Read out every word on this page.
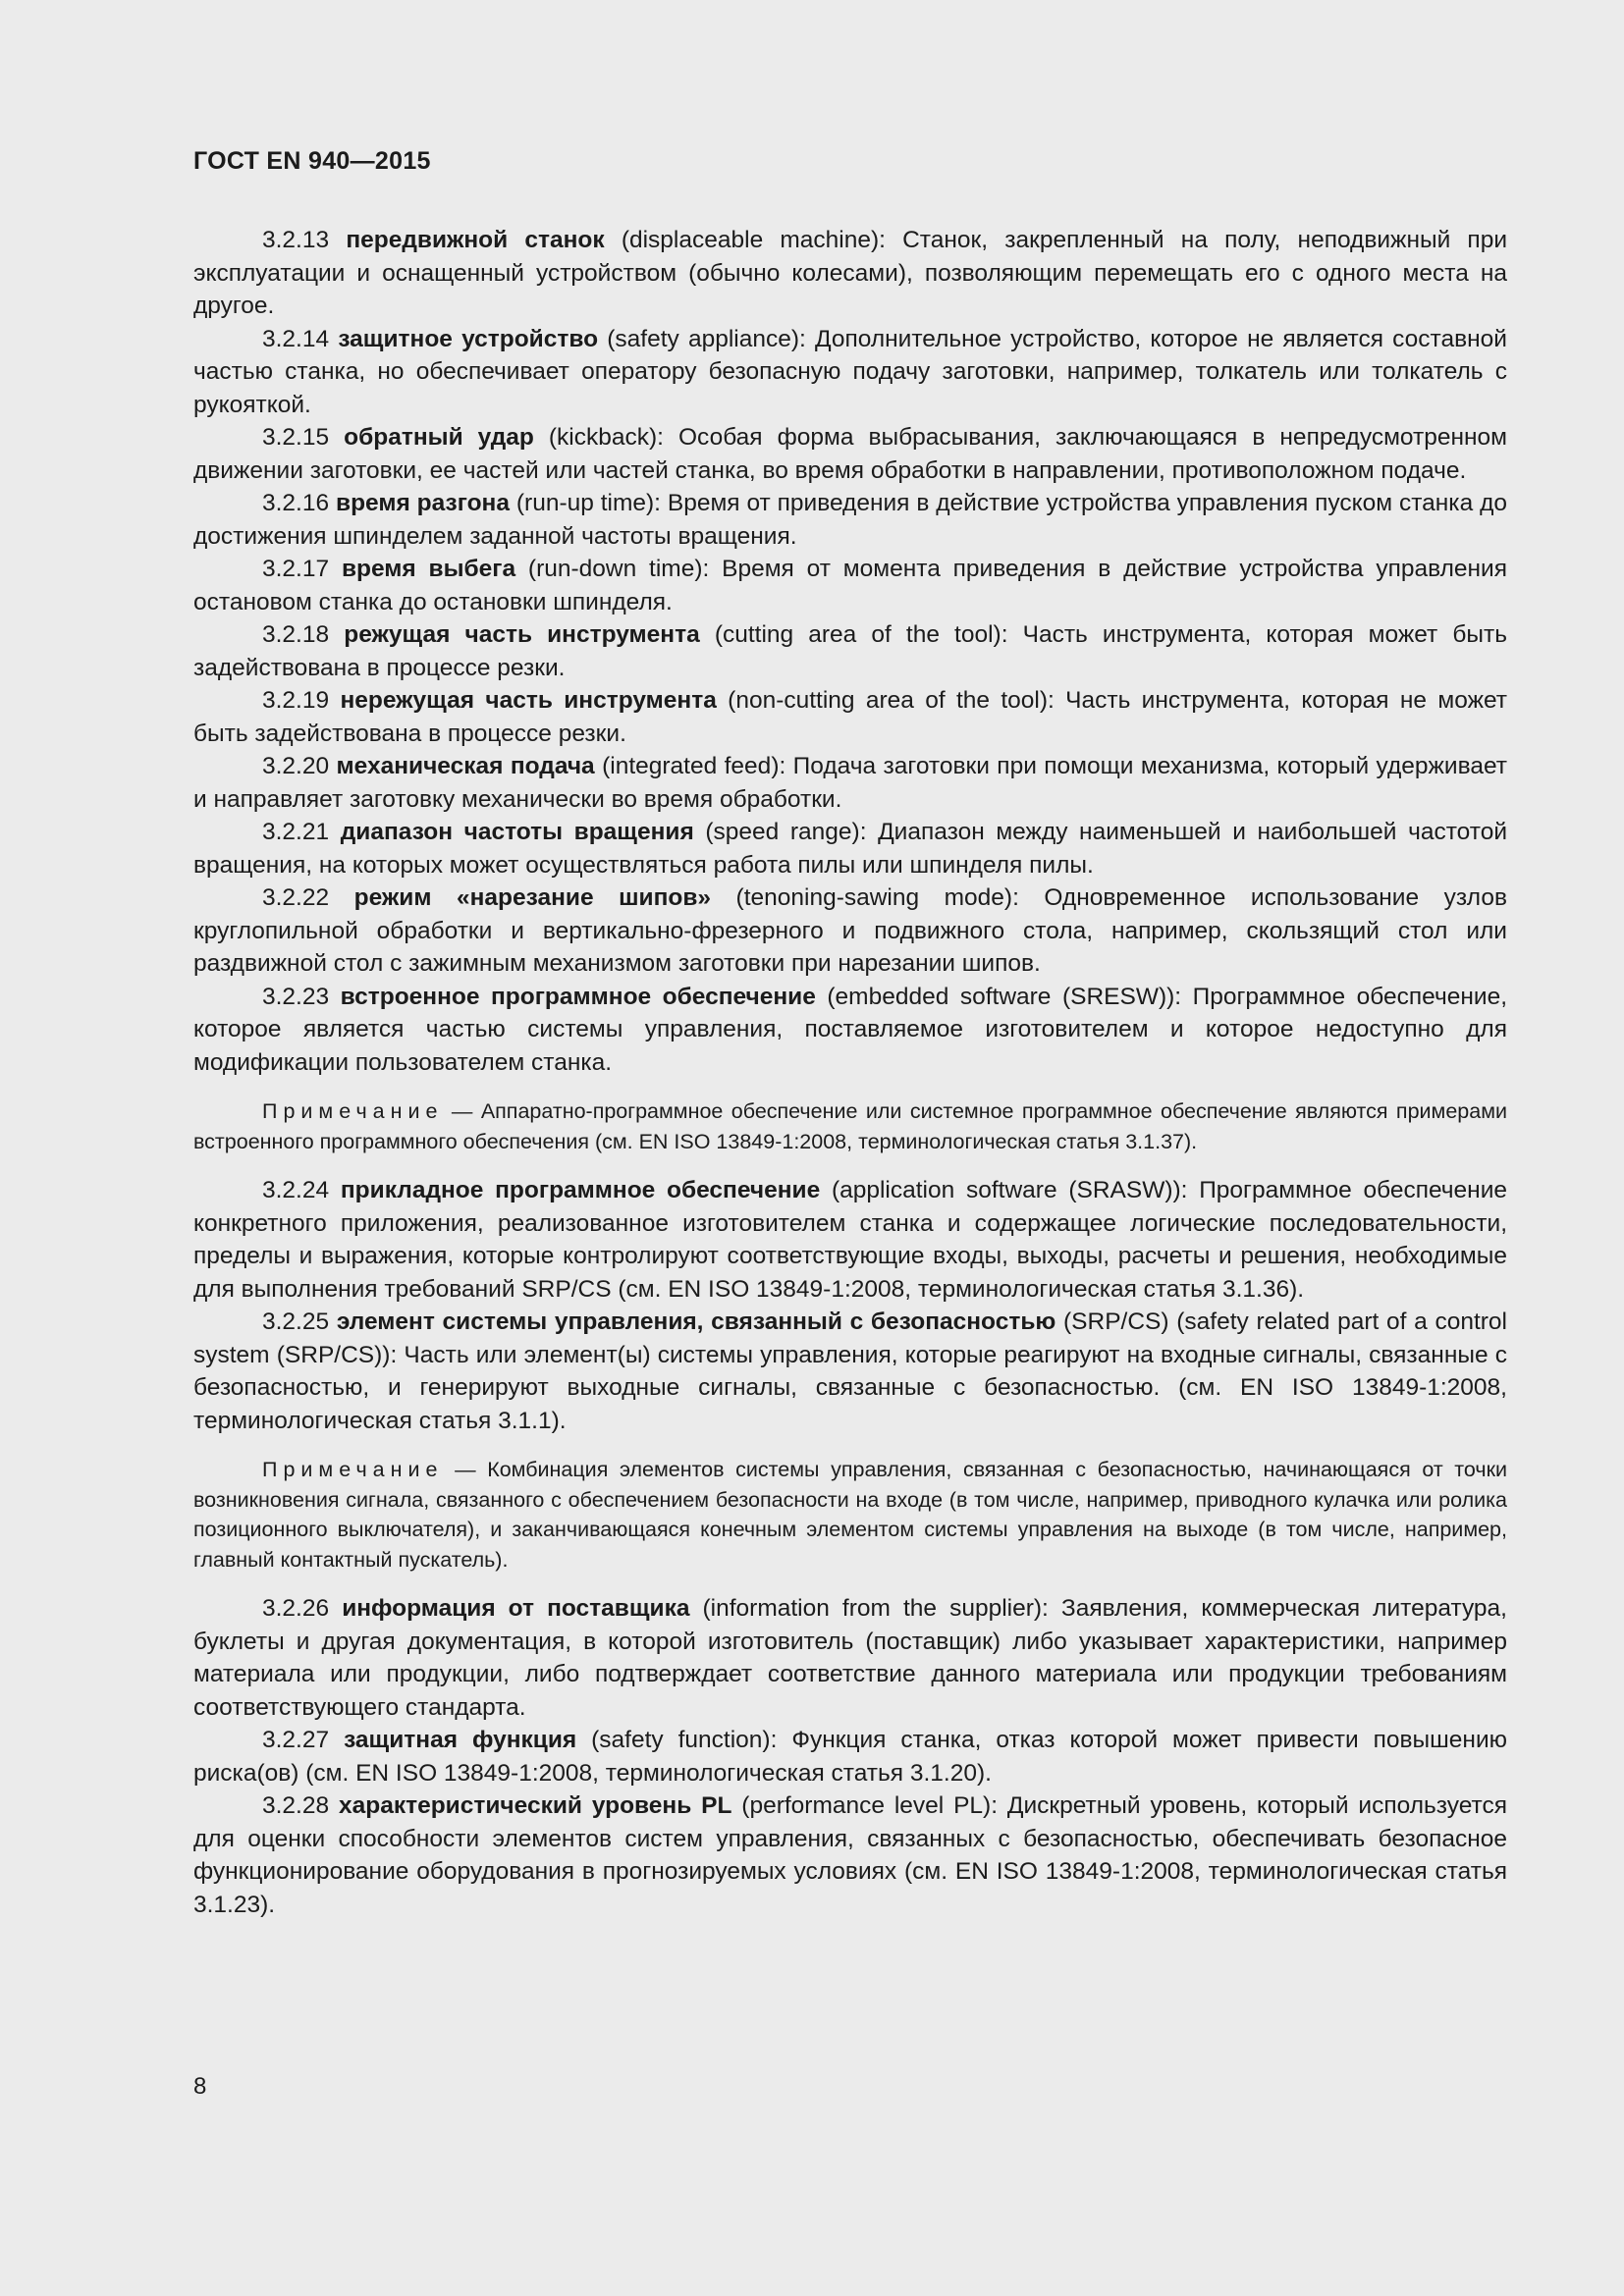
ГОСТ EN 940—2015

3.2.13 передвижной станок (displaceable machine): Станок, закрепленный на полу, неподвижный при эксплуатации и оснащенный устройством (обычно колесами), позволяющим перемещать его с одного места на другое.

3.2.14 защитное устройство (safety appliance): Дополнительное устройство, которое не является составной частью станка, но обеспечивает оператору безопасную подачу заготовки, например, толкатель или толкатель с рукояткой.

3.2.15 обратный удар (kickback): Особая форма выбрасывания, заключающаяся в непредусмотренном движении заготовки, ее частей или частей станка, во время обработки в направлении, противоположном подаче.

3.2.16 время разгона (run-up time): Время от приведения в действие устройства управления пуском станка до достижения шпинделем заданной частоты вращения.

3.2.17 время выбега (run-down time): Время от момента приведения в действие устройства управления остановом станка до остановки шпинделя.

3.2.18 режущая часть инструмента (cutting area of the tool): Часть инструмента, которая может быть задействована в процессе резки.

3.2.19 нережущая часть инструмента (non-cutting area of the tool): Часть инструмента, которая не может быть задействована в процессе резки.

3.2.20 механическая подача (integrated feed): Подача заготовки при помощи механизма, который удерживает и направляет заготовку механически во время обработки.

3.2.21 диапазон частоты вращения (speed range): Диапазон между наименьшей и наибольшей частотой вращения, на которых может осуществляться работа пилы или шпинделя пилы.

3.2.22 режим «нарезание шипов» (tenoning-sawing mode): Одновременное использование узлов круглопильной обработки и вертикально-фрезерного и подвижного стола, например, скользящий стол или раздвижной стол с зажимным механизмом заготовки при нарезании шипов.

3.2.23 встроенное программное обеспечение (embedded software (SRESW)): Программное обеспечение, которое является частью системы управления, поставляемое изготовителем и которое недоступно для модификации пользователем станка.

Примечание — Аппаратно-программное обеспечение или системное программное обеспечение являются примерами встроенного программного обеспечения (см. EN ISO 13849-1:2008, терминологическая статья 3.1.37).

3.2.24 прикладное программное обеспечение (application software (SRASW)): Программное обеспечение конкретного приложения, реализованное изготовителем станка и содержащее логические последовательности, пределы и выражения, которые контролируют соответствующие входы, выходы, расчеты и решения, необходимые для выполнения требований SRP/CS (см. EN ISO 13849-1:2008, терминологическая статья 3.1.36).

3.2.25 элемент системы управления, связанный с безопасностью (SRP/CS) (safety related part of a control system (SRP/CS)): Часть или элемент(ы) системы управления, которые реагируют на входные сигналы, связанные с безопасностью, и генерируют выходные сигналы, связанные с безопасностью. (см. EN ISO 13849-1:2008, терминологическая статья 3.1.1).

Примечание — Комбинация элементов системы управления, связанная с безопасностью, начинающаяся от точки возникновения сигнала, связанного с обеспечением безопасности на входе (в том числе, например, приводного кулачка или ролика позиционного выключателя), и заканчивающаяся конечным элементом системы управления на выходе (в том числе, например, главный контактный пускатель).

3.2.26 информация от поставщика (information from the supplier): Заявления, коммерческая литература, буклеты и другая документация, в которой изготовитель (поставщик) либо указывает характеристики, например материала или продукции, либо подтверждает соответствие данного материала или продукции требованиям соответствующего стандарта.

3.2.27 защитная функция (safety function): Функция станка, отказ которой может привести повышению риска(ов) (см. EN ISO 13849-1:2008, терминологическая статья 3.1.20).

3.2.28 характеристический уровень PL (performance level PL): Дискретный уровень, который используется для оценки способности элементов систем управления, связанных с безопасностью, обеспечивать безопасное функционирование оборудования в прогнозируемых условиях (см. EN ISO 13849-1:2008, терминологическая статья 3.1.23).

8
